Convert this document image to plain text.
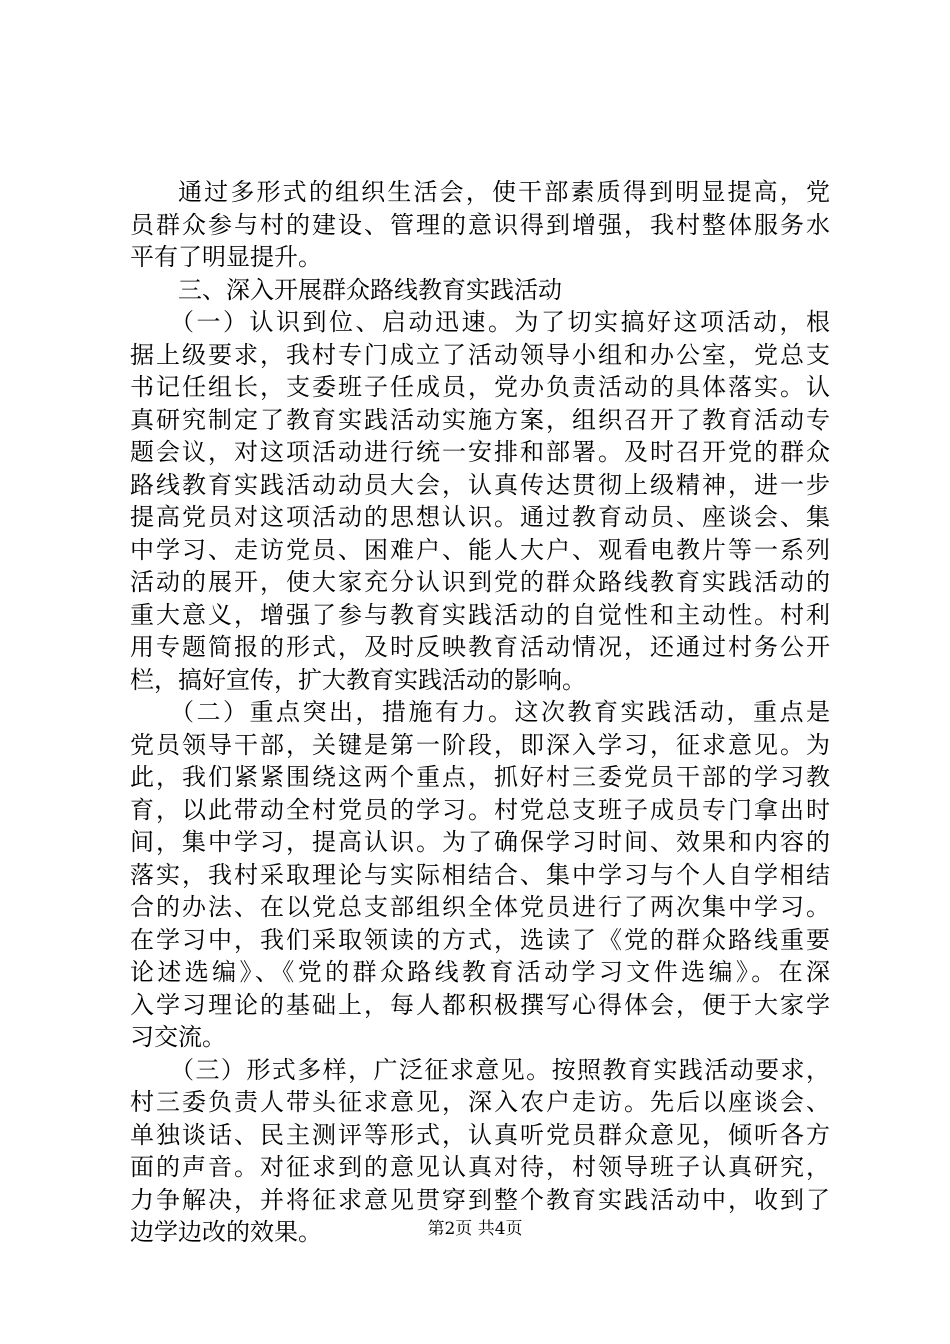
通过多形式的组织生活会，使干部素质得到明显提高，党
员群众参与村的建设、管理的意识得到增强，我村整体服务水
平有了明显提升。
三、深入开展群众路线教育实践活动
（一）认识到位、启动迅速。为了切实搞好这项活动，根
据上级要求，我村专门成立了活动领导小组和办公室，党总支
书记任组长，支委班子任成员，党办负责活动的具体落实。认
真研究制定了教育实践活动实施方案，组织召开了教育活动专
题会议，对这项活动进行统一安排和部署。及时召开党的群众
路线教育实践活动动员大会，认真传达贯彻上级精神，进一步
提高党员对这项活动的思想认识。通过教育动员、座谈会、集
中学习、走访党员、困难户、能人大户、观看电教片等一系列
活动的展开，使大家充分认识到党的群众路线教育实践活动的
重大意义，增强了参与教育实践活动的自觉性和主动性。村利
用专题简报的形式，及时反映教育活动情况，还通过村务公开
栏，搞好宣传，扩大教育实践活动的影响。
（二）重点突出，措施有力。这次教育实践活动，重点是
党员领导干部，关键是第一阶段，即深入学习，征求意见。为
此，我们紧紧围绕这两个重点，抓好村三委党员干部的学习教
育，以此带动全村党员的学习。村党总支班子成员专门拿出时
间，集中学习，提高认识。为了确保学习时间、效果和内容的
落实，我村采取理论与实际相结合、集中学习与个人自学相结
合的办法、在以党总支部组织全体党员进行了两次集中学习。
在学习中，我们采取领读的方式，选读了《党的群众路线重要
论述选编》、《党的群众路线教育活动学习文件选编》。在深
入学习理论的基础上，每人都积极撰写心得体会，便于大家学
习交流。
（三）形式多样，广泛征求意见。按照教育实践活动要求，
村三委负责人带头征求意见，深入农户走访。先后以座谈会、
单独谈话、民主测评等形式，认真听党员群众意见，倾听各方
面的声音。对征求到的意见认真对待，村领导班子认真研究，
力争解决，并将征求意见贯穿到整个教育实践活动中，收到了
边学边改的效果。	第2页 共4页
